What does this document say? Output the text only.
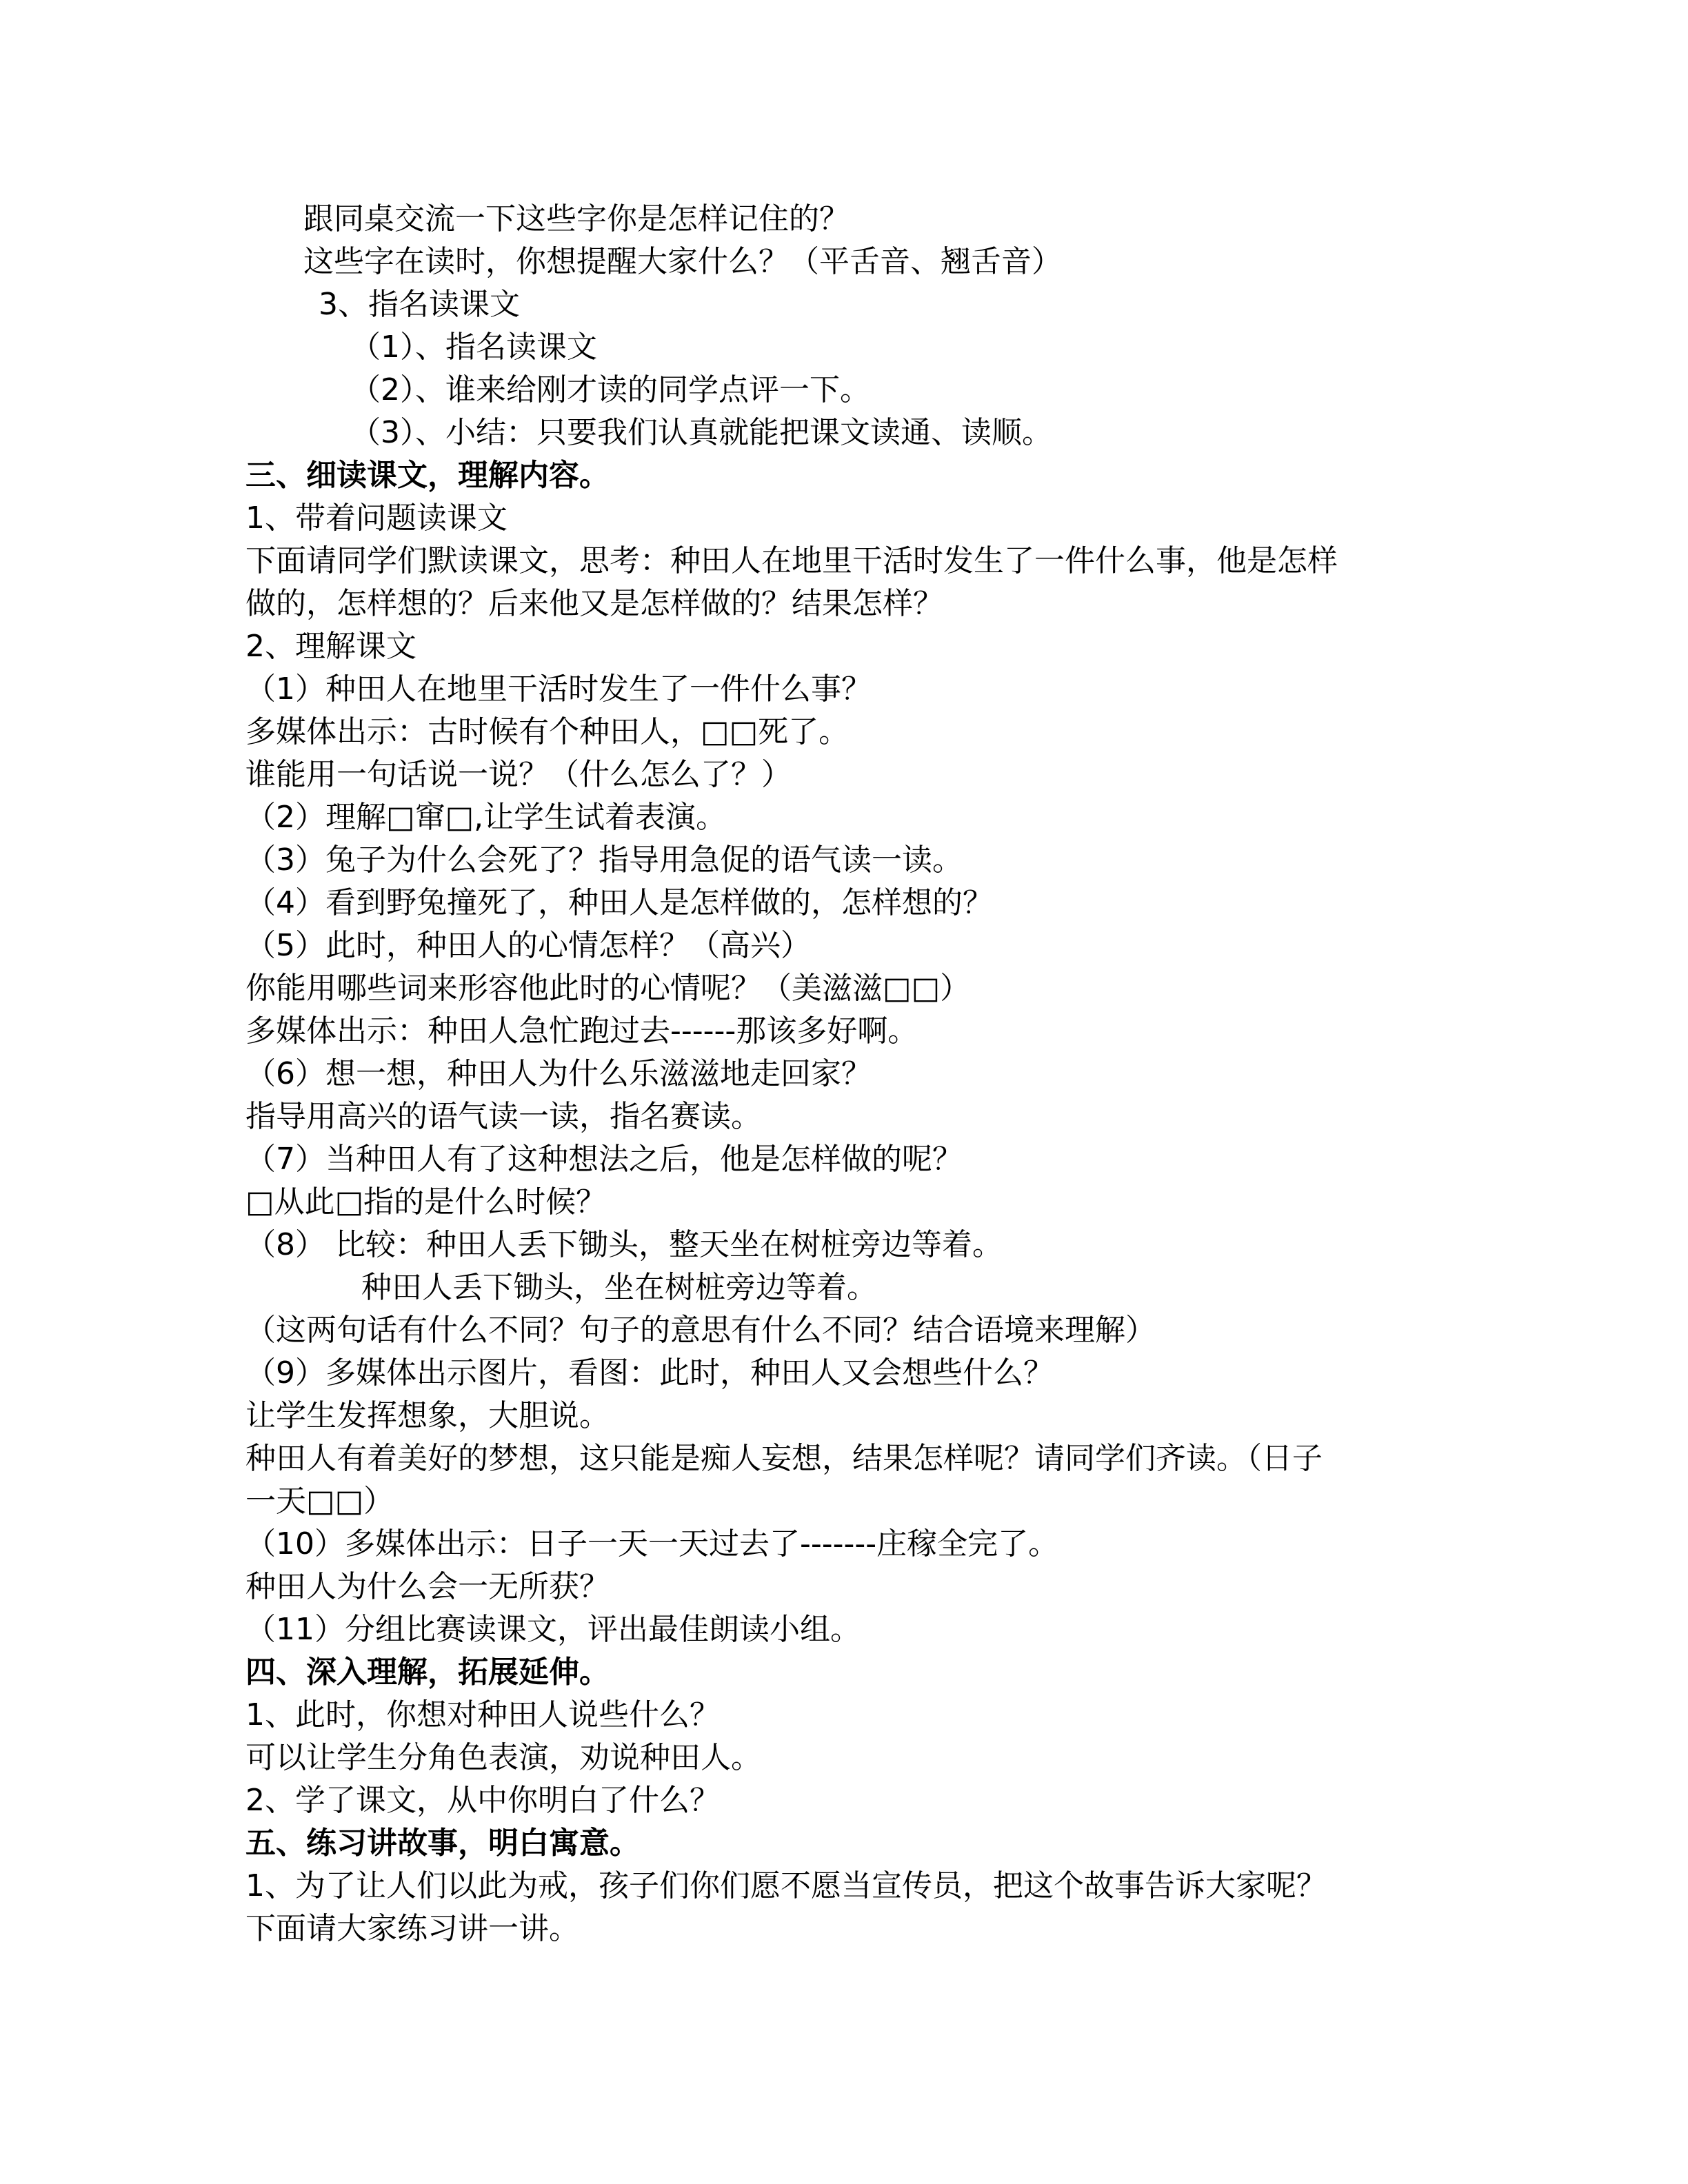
跟同桌交流一下这些字你是怎样记住的？
这些字在读时，你想提醒大家什么？（平舌音、翘舌音）
3、指名读课文
（1）、指名读课文
（2）、谁来给刚才读的同学点评一下。
（3）、小结：只要我们认真就能把课文读通、读顺。
三、细读课文，理解内容。
1、带着问题读课文
下面请同学们默读课文，思考：种田人在地里干活时发生了一件什么事，他是怎样
做的，怎样想的？后来他又是怎样做的？结果怎样？
2、理解课文
（1）种田人在地里干活时发生了一件什么事？
多媒体出示：古时候有个种田人，□□死了。
谁能用一句话说一说？（什么怎么了？）
（2）理解□窜□,让学生试着表演。
（3）兔子为什么会死了？指导用急促的语气读一读。
（4）看到野兔撞死了，种田人是怎样做的，怎样想的？
（5）此时，种田人的心情怎样？（高兴）
你能用哪些词来形容他此时的心情呢？（美滋滋□□）
多媒体出示：种田人急忙跑过去------那该多好啊。
（6）想一想，种田人为什么乐滋滋地走回家？
指导用高兴的语气读一读，指名赛读。
（7）当种田人有了这种想法之后，他是怎样做的呢？
□从此□指的是什么时候？
（8） 比较：种田人丢下锄头，整天坐在树桩旁边等着。
种田人丢下锄头，坐在树桩旁边等着。
（这两句话有什么不同？句子的意思有什么不同？结合语境来理解）
（9）多媒体出示图片，看图：此时，种田人又会想些什么？
让学生发挥想象，大胆说。
种田人有着美好的梦想，这只能是痴人妄想，结果怎样呢？请同学们齐读。（日子
一天□□）
（10）多媒体出示：日子一天一天过去了-------庄稼全完了。
种田人为什么会一无所获？
（11）分组比赛读课文，评出最佳朗读小组。
四、深入理解，拓展延伸。
1、此时，你想对种田人说些什么？
可以让学生分角色表演，劝说种田人。
2、学了课文，从中你明白了什么？
五、练习讲故事，明白寓意。
1、为了让人们以此为戒，孩子们你们愿不愿当宣传员，把这个故事告诉大家呢？
下面请大家练习讲一讲。
